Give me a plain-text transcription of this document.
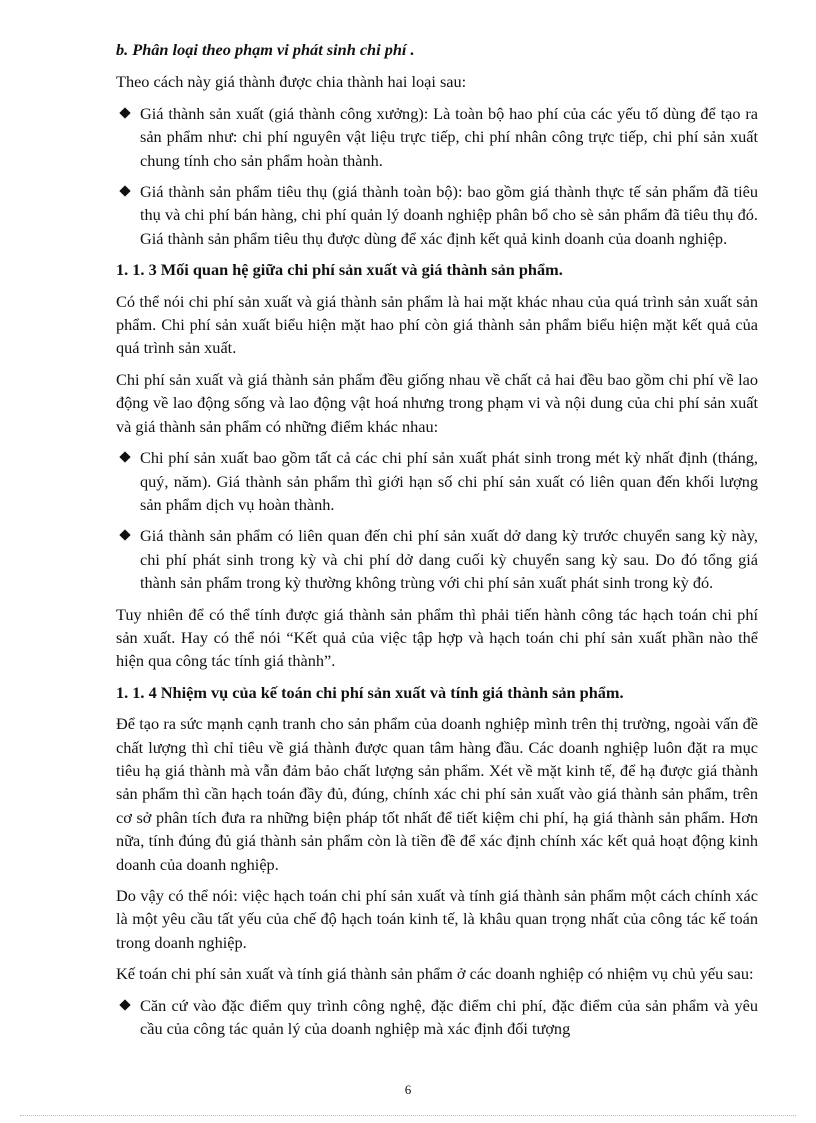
b. Phân loại theo phạm vi phát sinh chi phí .

Theo cách này giá thành được chia thành hai loại sau:

Giá thành sản xuất (giá thành công xưởng): Là toàn bộ hao phí của các yếu tố dùng để tạo ra sản phẩm như: chi phí nguyên vật liệu trực tiếp, chi phí nhân công trực tiếp, chi phí sản xuất chung tính cho sản phẩm hoàn thành.
Giá thành sản phẩm tiêu thụ (giá thành toàn bộ): bao gồm giá thành thực tế sản phẩm đã tiêu thụ và chi phí bán hàng, chi phí quản lý doanh nghiệp phân bổ cho sè sản phẩm đã tiêu thụ đó. Giá thành sản phẩm tiêu thụ được dùng để xác định kết quả kinh doanh của doanh nghiệp.
1. 1. 3 Mối quan hệ giữa chi phí sản xuất và giá thành sản phẩm.

Có thể nói chi phí sản xuất và giá thành sản phẩm là hai mặt khác nhau của quá trình sản xuất sản phẩm. Chi phí sản xuất biểu hiện mặt hao phí còn giá thành sản phẩm biểu hiện mặt kết quả của quá trình sản xuất.

Chi phí sản xuất và giá thành sản phẩm đều giống nhau về chất cả hai đều bao gồm chi phí về lao động về lao động sống và lao động vật hoá nhưng trong phạm vi và nội dung của chi phí sản xuất và giá thành sản phẩm có những điểm khác nhau:

Chi phí sản xuất bao gồm tất cả các chi phí sản xuất phát sinh trong mét kỳ nhất định (tháng, quý, năm). Giá thành sản phẩm thì giới hạn số chi phí sản xuất có liên quan đến khối lượng sản phẩm dịch vụ hoàn thành.
Giá thành sản phẩm có liên quan đến chi phí sản xuất dở dang kỳ trước chuyển sang kỳ này, chi phí phát sinh trong kỳ và chi phí dở dang cuối kỳ chuyển sang kỳ sau. Do đó tổng giá thành sản phẩm trong kỳ thường không trùng với chi phí sản xuất phát sinh trong kỳ đó.

Tuy nhiên để có thể tính được giá thành sản phẩm thì phải tiến hành công tác hạch toán chi phí sản xuất. Hay có thể nói “Kết quả của việc tập hợp và hạch toán chi phí sản xuất phần nào thể hiện qua công tác tính giá thành”.

1. 1. 4 Nhiệm vụ của kế toán chi phí sản xuất và tính giá thành sản phẩm.

Để tạo ra sức mạnh cạnh tranh cho sản phẩm của doanh nghiệp mình trên thị trường, ngoài vấn đề chất lượng thì chỉ tiêu về giá thành được quan tâm hàng đầu. Các doanh nghiệp luôn đặt ra mục tiêu hạ giá thành mà vẫn đảm bảo chất lượng sản phẩm. Xét về mặt kinh tế, để hạ được giá thành sản phẩm thì cần hạch toán đầy đủ, đúng, chính xác chi phí sản xuất vào giá thành sản phẩm, trên cơ sở phân tích đưa ra những biện pháp tốt nhất để tiết kiệm chi phí, hạ giá thành sản phẩm. Hơn nữa, tính đúng đủ giá thành sản phẩm còn là tiền đề để xác định chính xác kết quả hoạt động kinh doanh của doanh nghiệp.

Do vậy có thể nói: việc hạch toán chi phí sản xuất và tính giá thành sản phẩm một cách chính xác là một yêu cầu tất yếu của chế độ hạch toán kinh tế, là khâu quan trọng nhất của công tác kế toán trong doanh nghiệp.

Kế toán chi phí sản xuất và tính giá thành sản phẩm ở các doanh nghiệp có nhiệm vụ chủ yếu sau:

Căn cứ vào đặc điểm quy trình công nghệ, đặc điểm chi phí, đặc điểm của sản phẩm và yêu cầu của công tác quản lý của doanh nghiệp mà xác định đối tượng
6
